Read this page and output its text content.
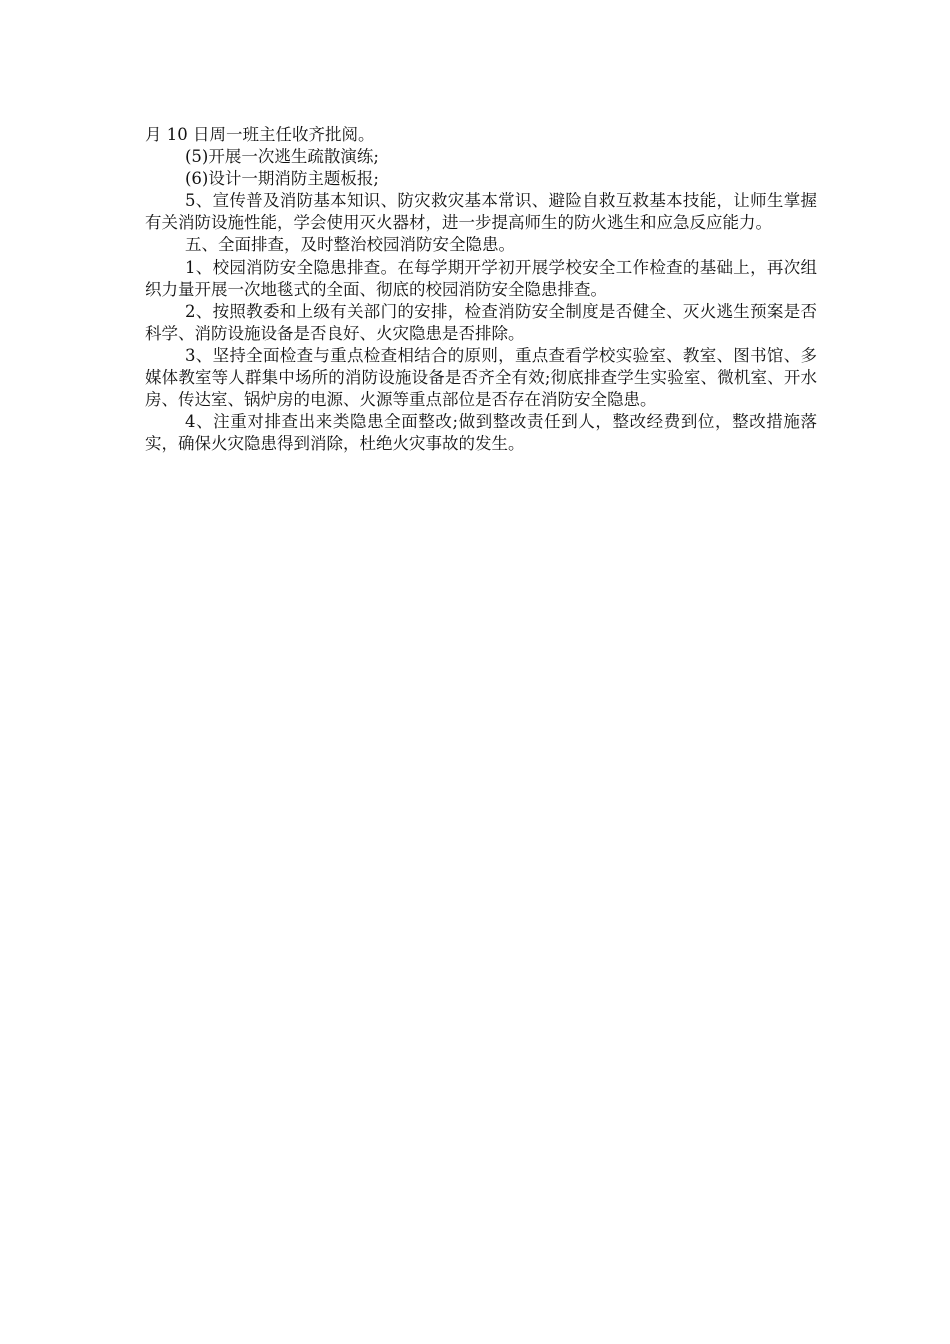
月 10 日周一班主任收齐批阅。

(5)开展一次逃生疏散演练;

(6)设计一期消防主题板报;

5、宣传普及消防基本知识、防灾救灾基本常识、避险自救互救基本技能，让师生掌握有关消防设施性能，学会使用灭火器材，进一步提高师生的防火逃生和应急反应能力。

五、全面排查，及时整治校园消防安全隐患。

1、校园消防安全隐患排查。在每学期开学初开展学校安全工作检查的基础上，再次组织力量开展一次地毯式的全面、彻底的校园消防安全隐患排查。

2、按照教委和上级有关部门的安排，检查消防安全制度是否健全、灭火逃生预案是否科学、消防设施设备是否良好、火灾隐患是否排除。

3、坚持全面检查与重点检查相结合的原则，重点查看学校实验室、教室、图书馆、多媒体教室等人群集中场所的消防设施设备是否齐全有效;彻底排查学生实验室、微机室、开水房、传达室、锅炉房的电源、火源等重点部位是否存在消防安全隐患。

4、注重对排查出来类隐患全面整改;做到整改责任到人，整改经费到位，整改措施落实，确保火灾隐患得到消除，杜绝火灾事故的发生。
